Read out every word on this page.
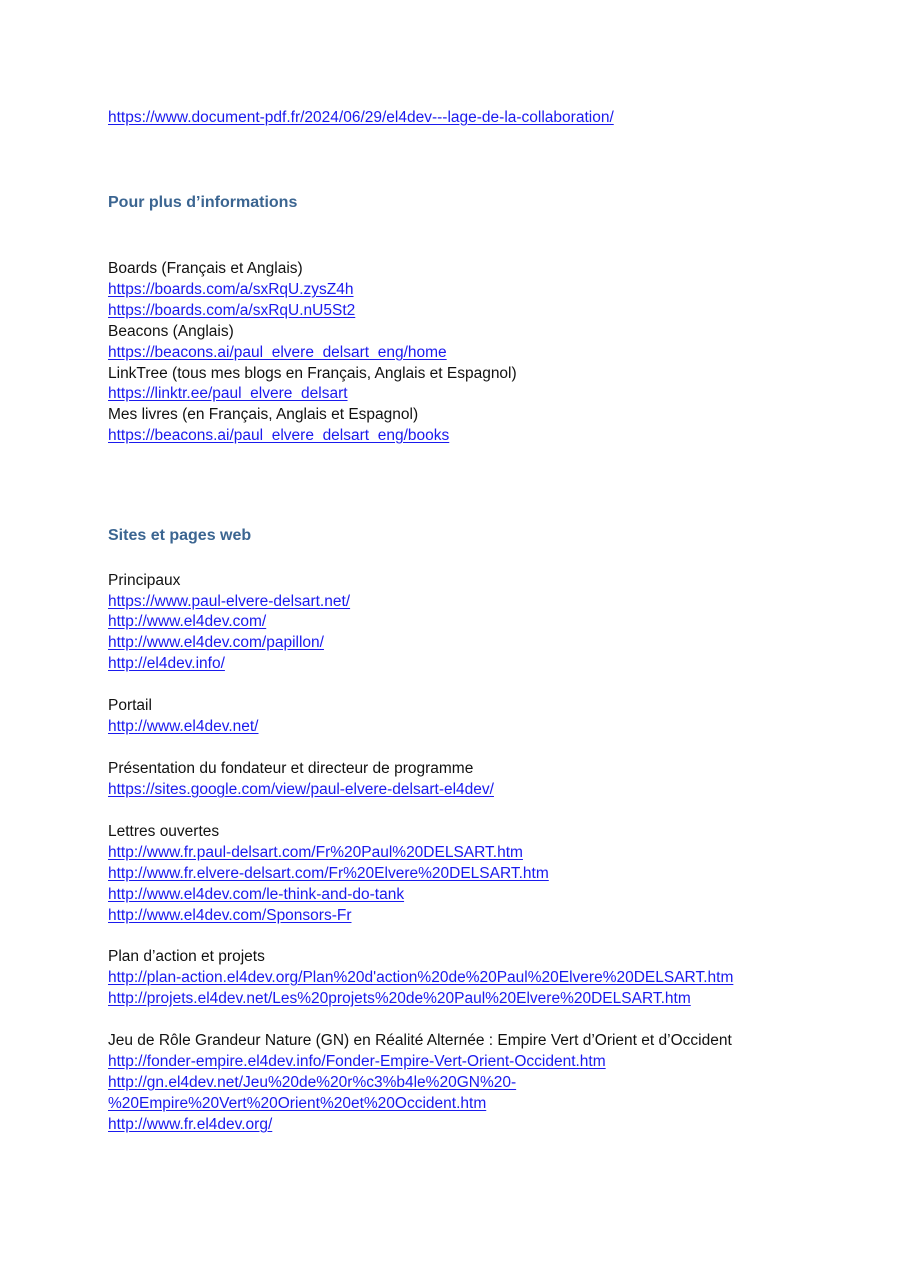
https://www.document-pdf.fr/2024/06/29/el4dev---lage-de-la-collaboration/
Pour plus d’informations
Boards (Français et Anglais)
https://boards.com/a/sxRqU.zysZ4h
https://boards.com/a/sxRqU.nU5St2
Beacons (Anglais)
https://beacons.ai/paul_elvere_delsart_eng/home
LinkTree (tous mes blogs en Français, Anglais et Espagnol)
https://linktr.ee/paul_elvere_delsart
Mes livres (en Français, Anglais et Espagnol)
https://beacons.ai/paul_elvere_delsart_eng/books
Sites et pages web
Principaux
https://www.paul-elvere-delsart.net/
http://www.el4dev.com/
http://www.el4dev.com/papillon/
http://el4dev.info/
Portail
http://www.el4dev.net/
Présentation du fondateur et directeur de programme
https://sites.google.com/view/paul-elvere-delsart-el4dev/
Lettres ouvertes
http://www.fr.paul-delsart.com/Fr%20Paul%20DELSART.htm
http://www.fr.elvere-delsart.com/Fr%20Elvere%20DELSART.htm
http://www.el4dev.com/le-think-and-do-tank
http://www.el4dev.com/Sponsors-Fr
Plan d’action et projets
http://plan-action.el4dev.org/Plan%20d'action%20de%20Paul%20Elvere%20DELSART.htm
http://projets.el4dev.net/Les%20projets%20de%20Paul%20Elvere%20DELSART.htm
Jeu de Rôle Grandeur Nature (GN) en Réalité Alternée : Empire Vert d’Orient et d’Occident
http://fonder-empire.el4dev.info/Fonder-Empire-Vert-Orient-Occident.htm
http://gn.el4dev.net/Jeu%20de%20r%c3%b4le%20GN%20-
%20Empire%20Vert%20Orient%20et%20Occident.htm
http://www.fr.el4dev.org/
